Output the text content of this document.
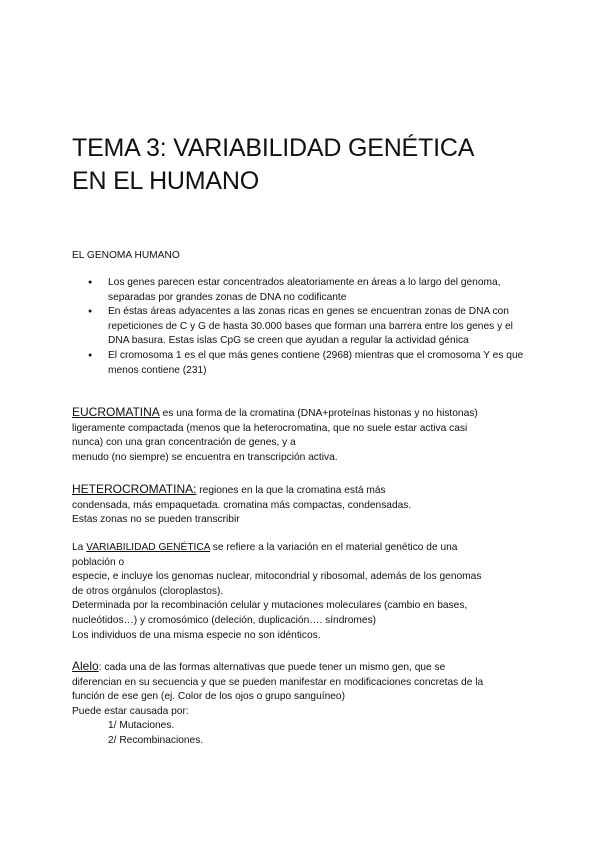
TEMA 3: VARIABILIDAD GENÉTICA
EN EL HUMANO
EL GENOMA HUMANO
● Los genes parecen estar concentrados aleatoriamente en áreas a lo largo del genoma, separadas por grandes zonas de DNA no codificante
● En éstas áreas adyacentes a las zonas ricas en genes se encuentran zonas de DNA con repeticiones de C y G de hasta 30.000 bases que forman una barrera entre los genes y el DNA basura. Estas islas CpG se creen que ayudan a regular la actividad génica
● El cromosoma 1 es el que más genes contiene (2968) mientras que el cromosoma Y es que menos contiene (231)
EUCROMATINA es una forma de la cromatina (DNA+proteínas histonas y no histonas)
ligeramente compactada (menos que la heterocromatina, que no suele estar activa casi
nunca) con una gran concentración de genes, y a
menudo (no siempre) se encuentra en transcripción activa.
HETEROCROMATINA: regiones en la que la cromatina está más
condensada, más empaquetada. cromatina más compactas, condensadas.
Estas zonas no se pueden transcribir
La VARIABILIDAD GENÉTICA se refiere a la variación en el material genético de una
población o
especie, e incluye los genomas nuclear, mitocondrial y ribosomal, además de los genomas
de otros orgánulos (cloroplastos).
Determinada por la recombinación celular y mutaciones moleculares (cambio en bases,
nucleótidos…) y cromosómico (deleción, duplicación…. síndromes)
Los individuos de una misma especie no son idénticos.
Alelo: cada una de las formas alternativas que puede tener un mismo gen, que se
diferencian en su secuencia y que se pueden manifestar en modificaciones concretas de la
función de ese gen (ej. Color de los ojos o grupo sanguíneo)
Puede estar causada por:
1/ Mutaciones.
2/ Recombinaciones.
